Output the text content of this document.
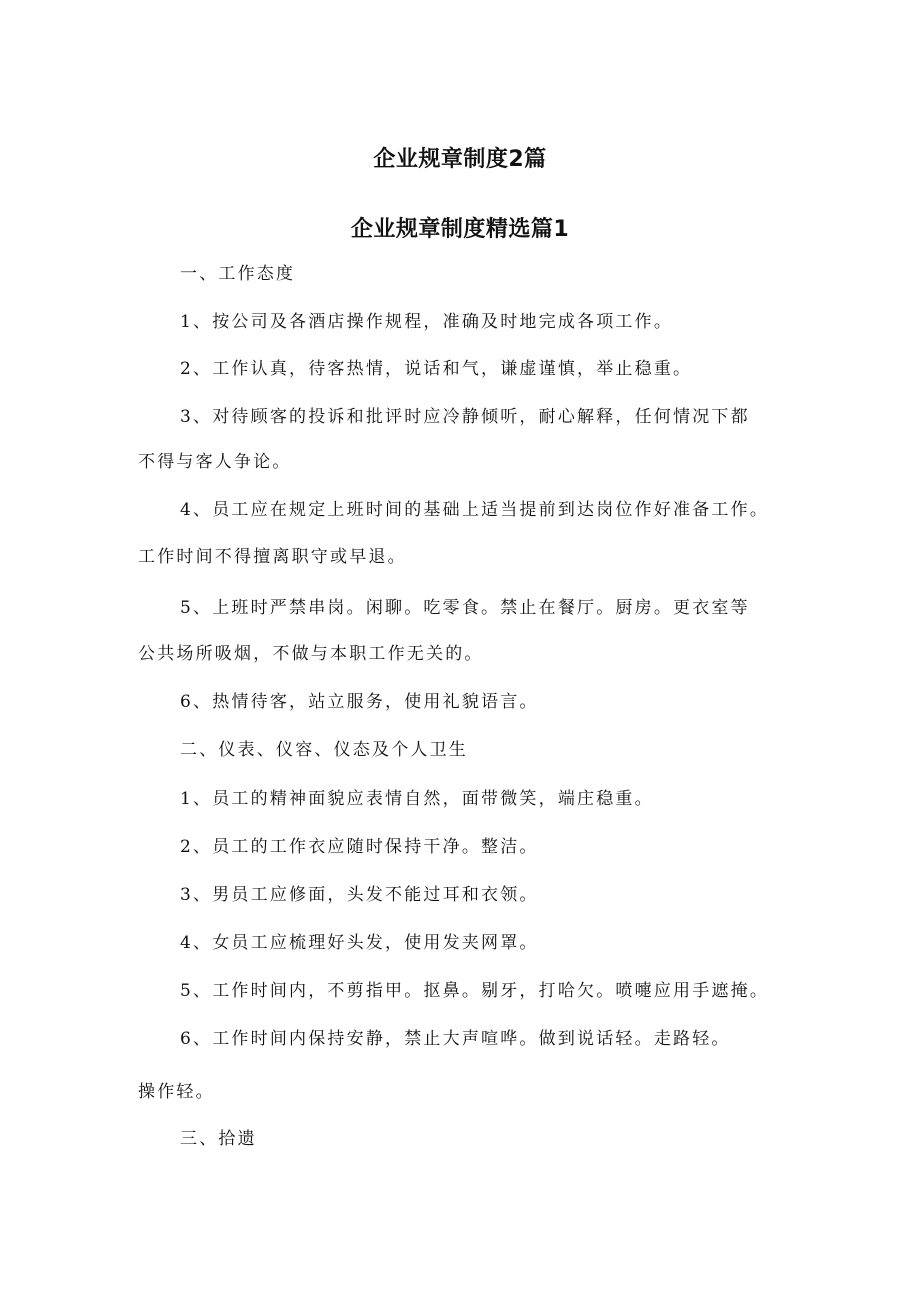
企业规章制度2篇
企业规章制度精选篇1
一、工作态度
1、按公司及各酒店操作规程，准确及时地完成各项工作。
2、工作认真，待客热情，说话和气，谦虚谨慎，举止稳重。
3、对待顾客的投诉和批评时应冷静倾听，耐心解释，任何情况下都
不得与客人争论。
4、员工应在规定上班时间的基础上适当提前到达岗位作好准备工作。
工作时间不得擅离职守或早退。
5、上班时严禁串岗。闲聊。吃零食。禁止在餐厅。厨房。更衣室等
公共场所吸烟，不做与本职工作无关的。
6、热情待客，站立服务，使用礼貌语言。
二、仪表、仪容、仪态及个人卫生
1、员工的精神面貌应表情自然，面带微笑，端庄稳重。
2、员工的工作衣应随时保持干净。整洁。
3、男员工应修面，头发不能过耳和衣领。
4、女员工应梳理好头发，使用发夹网罩。
5、工作时间内，不剪指甲。抠鼻。剔牙，打哈欠。喷嚏应用手遮掩。
6、工作时间内保持安静，禁止大声喧哗。做到说话轻。走路轻。
操作轻。
三、拾遗
